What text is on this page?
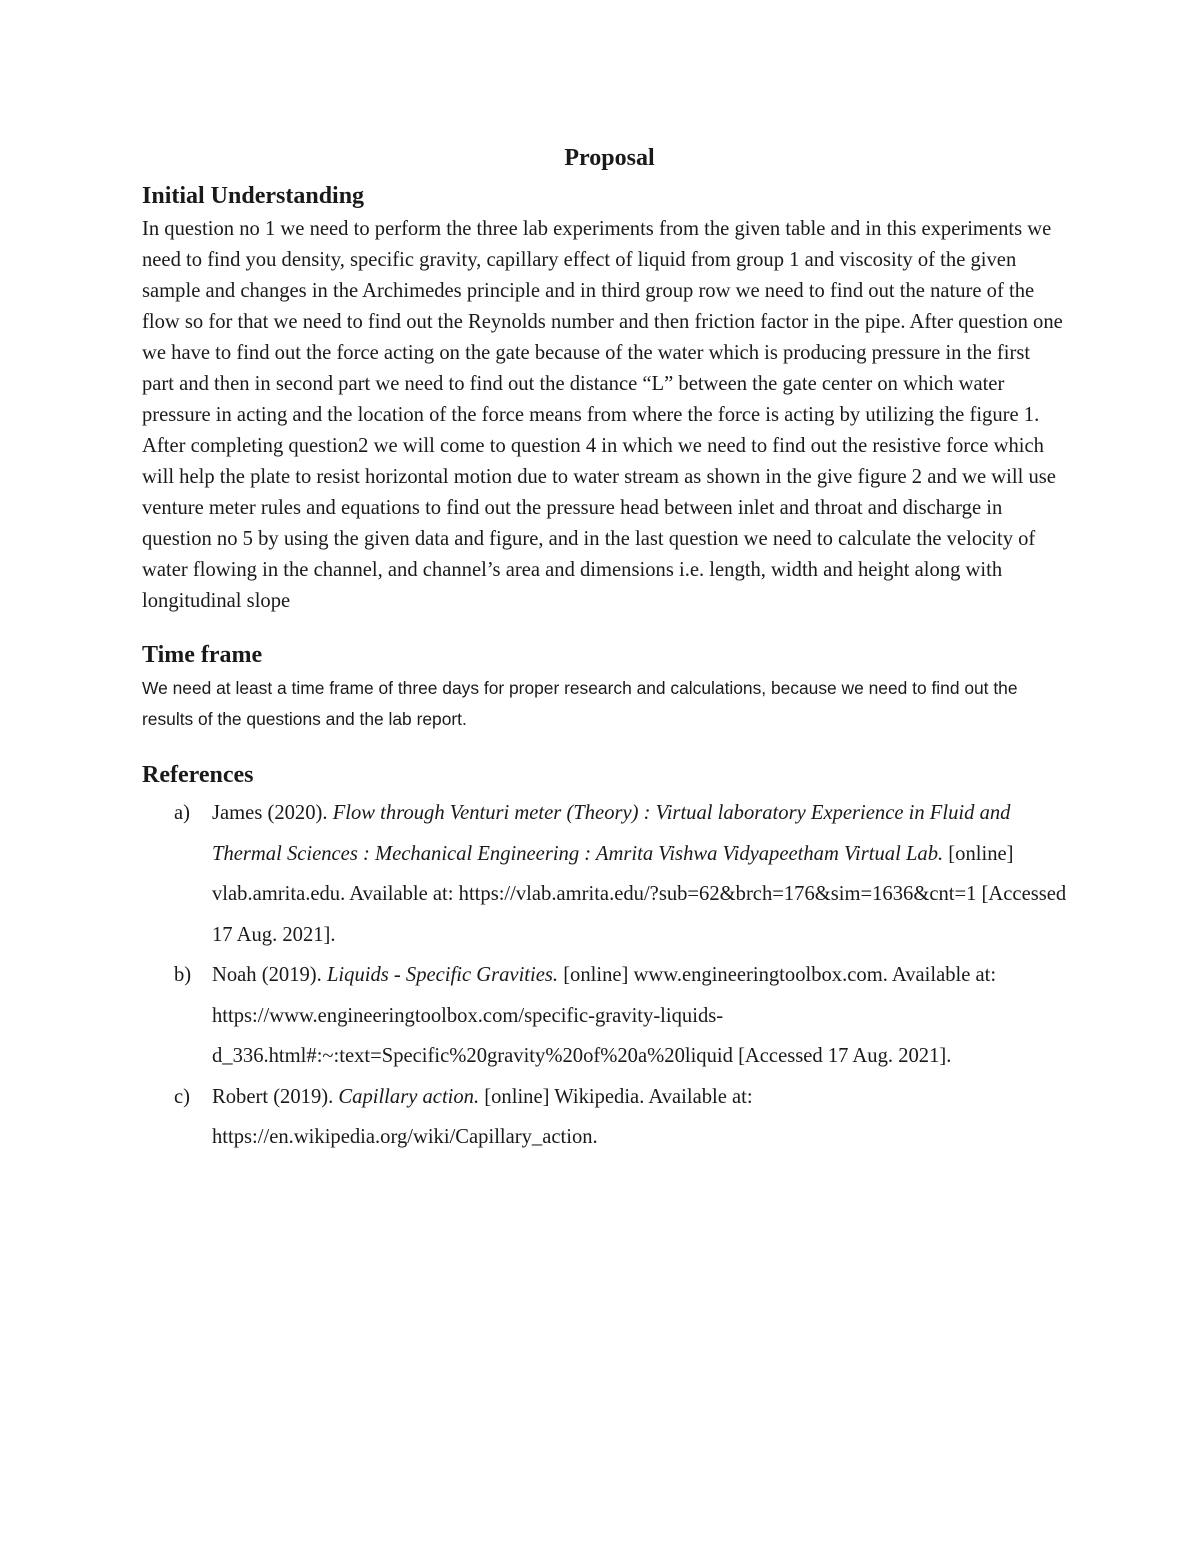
Proposal
Initial Understanding

In question no 1 we need to perform the three lab experiments from the given table and in this experiments we need to find you density, specific gravity, capillary effect of liquid from group 1 and viscosity of the given sample and changes in the Archimedes principle and in third group row we need to find out the nature of the flow so for that we need to find out the Reynolds number and then friction factor in the pipe. After question one we have to find out the force acting on the gate because of the water which is producing pressure in the first part and then in second part we need to find out the distance “L” between the gate center on which water pressure in acting and the location of the force means from where the force is acting by utilizing the figure 1. After completing question2 we will come to question 4 in which we need to find out the resistive force which will help the plate to resist horizontal motion due to water stream as shown in the give figure 2 and we will use venture meter rules and equations to find out the pressure head between inlet and throat and discharge in question no 5 by using the given data and figure, and in the last question we need to calculate the velocity of water flowing in the channel, and channel’s area and dimensions i.e. length, width and height along with longitudinal slope

Time frame

We need at least a time frame of three days for proper research and calculations, because we need to find out the results of the questions and the lab report.

References
a) James (2020). Flow through Venturi meter (Theory) : Virtual laboratory Experience in Fluid and Thermal Sciences : Mechanical Engineering : Amrita Vishwa Vidyapeetham Virtual Lab. [online] vlab.amrita.edu. Available at: https://vlab.amrita.edu/?sub=62&brch=176&sim=1636&cnt=1 [Accessed 17 Aug. 2021].
b) Noah (2019). Liquids - Specific Gravities. [online] www.engineeringtoolbox.com. Available at: https://www.engineeringtoolbox.com/specific-gravity-liquids-d_336.html#:~:text=Specific%20gravity%20of%20a%20liquid [Accessed 17 Aug. 2021].
c) Robert (2019). Capillary action. [online] Wikipedia. Available at: https://en.wikipedia.org/wiki/Capillary_action.
